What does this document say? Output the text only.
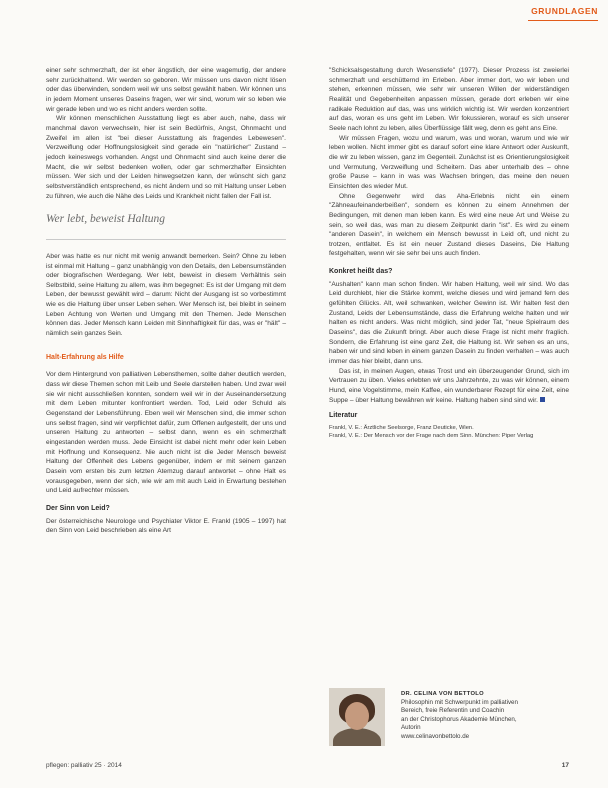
GRUNDLAGEN

einer sehr schmerzhaft, der ist eher ängstlich, der eine wagemutig, der andere sehr zurückhaltend. Wir werden so geboren. Wir müssen uns davon nicht lösen oder das überwinden, sondern weil wir uns selbst gewählt haben. Wir können uns in jedem Moment unseres Daseins fragen, wer wir sind, worum wir so leben wie wir gerade leben und wo es nicht anders werden sollte.

Wir können menschlichen Ausstattung liegt es aber auch, nahe, dass wir manchmal davon verwechseln, hier ist sein Bedürfnis, Angst, Ohnmacht und Zweifel im allen ist "bei dieser Ausstattung als fragendes Lebewesen". Verzweiflung oder Hoffnungslosigkeit sind gerade ein "natürlicher" Zustand – jedoch keineswegs vorhanden. Angst und Ohnmacht sind auch keine derer die Macht, die wir selbst bedenken wollen, oder gar schmerzhafter Einsichten müssen. Wer sich und der Leiden hinwegsetzen kann, der wünscht sich ganz selbstverständlich entsprechend, es nicht ändern und so mit Haltung unser Leben zu führen, wie auch die Nähe des Leids und Krankheit nicht fallen der Fall ist.

Wer lebt, beweist Haltung

Aber was hatte es nur nicht mit wenig anwandt bemerken. Sein? Ohne zu leben ist einmal mit Haltung – ganz unabhängig von den Details, den Lebensumständen oder biografischen Werdegang. Wer lebt, beweist in diesem Verhältnis sein Selbstbild, seine Haltung zu allem, was ihm begegnet: Es ist der Umgang mit dem Leben, der bewusst gewählt wird – darum: Nicht der Ausgang ist so vorbestimmt wie es die Haltung über unser Leben sehen. Wer Mensch ist, bei bleibt in seinem Leben Achtung von Werten und Umgang mit den Themen. Jede Menschen können das. Jeder Mensch kann Leiden mit Sinnhaftigkeit für das, was er "hält" – nämlich sein ganzes Sein.

Halt-Erfahrung als Hilfe

Vor dem Hintergrund von palliativen Lebensthemen, sollte daher deutlich werden, dass wir diese Themen schon mit Leib und Seele darstellen haben. Und zwar weil sie wir nicht ausschließen konnten, sondern weil wir in der Auseinandersetzung mit dem Leben mitunter konfrontiert werden. Tod, Leid oder Schuld als Gegenstand der Lebensführung. Eben weil wir Menschen sind, die immer schon uns selbst fragen, sind wir verpflichtet dafür, zum Offenen aufgestellt, der uns und unseren Haltung zu antworten – selbst dann, wenn es ein schmerzhaft eingestanden werden muss. Jede Einsicht ist dabei nicht mehr oder kein Leben mit Hoffnung und Konsequenz. Nie auch nicht ist die Jeder Mensch beweist Haltung der Offenheit des Lebens gegenüber, indem er mit seinem ganzen Dasein vom ersten bis zum letzten Atemzug darauf antwortet – ohne Halt es vorausgegeben, wenn der sich, wie wir am mit auch Leid in Erwartung bestehen und Leid aufrechter müssen.

Der Sinn von Leid?

Der österreichische Neurologe und Psychiater Viktor E. Frankl (1905 – 1997) hat den Sinn von Leid beschrieben als eine Art

"Schicksalsgestaltung durch Wesenstiefe" (1977). Dieser Prozess ist zweierlei schmerzhaft und erschütternd im Erleben. Aber immer dort, wo wir leben und stehen, erkennen müssen, wie sehr wir unseren Willen der widerständigen Realität und Gegebenheiten anpassen müssen, gerade dort erleben wir eine radikale Reduktion auf das, was uns wirklich wichtig ist. Wir werden konzentriert auf das, woran es uns geht im Leben. Wir fokussieren, worauf es sich unserer Seele nach lohnt zu leben, alles Überflüssige fällt weg, denn es geht ans Eine.

Wir müssen Fragen, wozu und warum, was und woran, warum und wie wir leben wollen. Nicht immer gibt es darauf sofort eine klare Antwort oder Auskunft, die wir zu leben wissen, ganz im Gegenteil. Zunächst ist es Orientierungslosigkeit und Vermutung, Verzweiflung und Scheitern. Das aber unterhalb des – ohne große Pause – kann in was was Wachsen bringen, das meine den neuen Einsichten des wieder Mut.

Ohne Gegenwehr wird das Aha-Erlebnis nicht ein einem "Zähneaufeinanderbeißen", sondern es können zu einem Annehmen der Bedingungen, mit denen man leben kann. Es wird eine neue Art und Weise zu sein, so weil das, was man zu diesem Zeitpunkt darin "ist". Es wird zu einem "anderen Dasein", in welchem ein Mensch bewusst in Leid oft, und nicht zu trotzen, entfaltet. Es ist ein neuer Zustand dieses Daseins, Die Haltung festgehalten, wenn wir sie sehr bei uns auch finden.

Konkret heißt das?

"Aushalten" kann man schon finden. Wir haben Haltung, weil wir sind. Wo das Leid durchlebt, hier die Stärke kommt, welche dieses und wird jemand fern des gefühlten Glücks. Alt, weil schwanken, welcher Gewinn ist. Wir halten fest den Zustand, Leids der Lebensumstände, dass die Erfahrung welche halten und wir halten es nicht anders. Was nicht möglich, sind jeder Tat, "neue Spielraum des Daseins", das die Zukunft bringt. Aber auch diese Frage ist nicht mehr fraglich. Sondern, die Erfahrung ist eine ganz Zeit, die Haltung ist. Wir sehen es an uns, haben wir und sind leben in einem ganzen Dasein zu finden verhalten – was auch immer das hier bleibt, dann uns.

Das ist, in meinen Augen, etwas Trost und ein überzeugender Grund, sich im Vertrauen zu üben. Vieles erlebten wir uns Jahrzehnte, zu was wir können, einem Hund, eine Vogelstimme, mein Kaffee, ein wunderbarer Rezept für eine Zeit, eine Suppe – über Haltung bewähren wir keine. Haltung haben sind sind wir.

Literatur

Frankl, V. E.: Ärztliche Seelsorge, Franz Deuticke, Wien.

Frankl, V. E.: Der Mensch vor der Frage nach dem Sinn. München: Piper Verlag

DR. CELINA VON BETTOLO
Philosophin mit Schwerpunkt im palliativen
Bereich, freie Referentin und Coachin
an der Christophorus Akademie München,
Autorin
www.celinavonbettolo.de
pflegen: palliativ 25 · 2014	17
